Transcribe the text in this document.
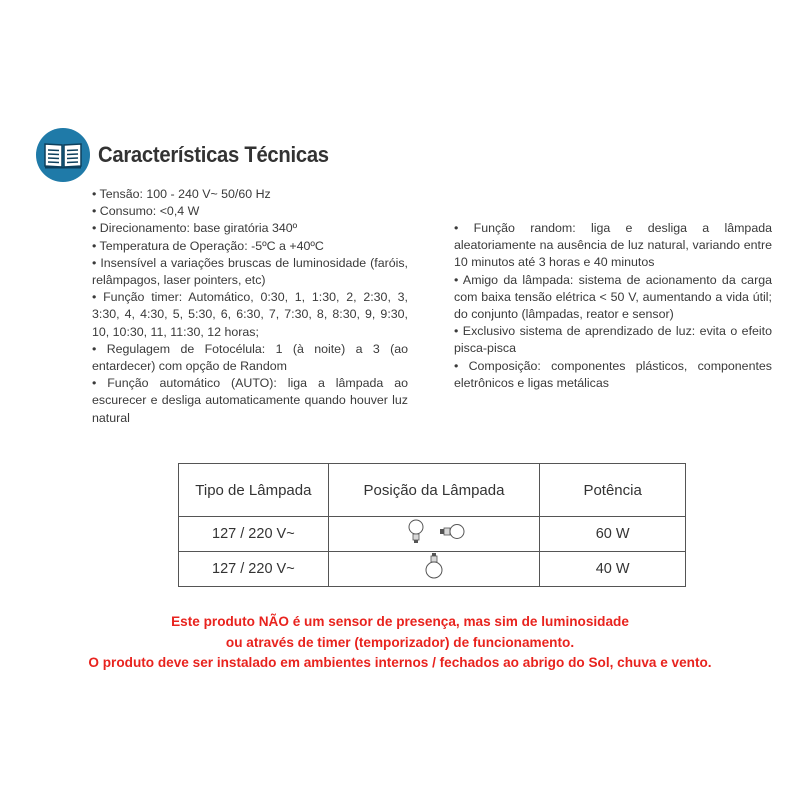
Características Técnicas

• Tensão: 100 - 240 V~ 50/60 Hz

• Consumo: <0,4 W

• Direcionamento: base giratória 340º

• Temperatura de Operação: -5ºC a +40ºC

• Insensível a variações bruscas de luminosidade (faróis, relâmpagos, laser pointers, etc)

• Função timer: Automático, 0:30, 1, 1:30, 2, 2:30, 3, 3:30, 4, 4:30, 5, 5:30, 6, 6:30, 7, 7:30, 8, 8:30, 9, 9:30, 10, 10:30, 11, 11:30, 12 horas;

• Regulagem de Fotocélula: 1 (à noite) a 3 (ao entardecer) com opção de Random

• Função automático (AUTO): liga a lâmpada ao escurecer e desliga automaticamente quando houver luz natural

• Função random: liga e desliga a lâmpada aleatoriamente na ausência de luz natural, variando entre 10 minutos até 3 horas e 40 minutos

• Amigo da lâmpada: sistema de acionamento da carga com baixa tensão elétrica < 50 V, aumentando a vida útil; do conjunto (lâmpadas, reator e sensor)

• Exclusivo sistema de aprendizado de luz: evita o efeito pisca-pisca

• Composição: componentes plásticos, componentes eletrônicos e ligas metálicas

Tipo de Lâmpada	Posição da Lâmpada	Potência
127 / 220 V~		60 W
127 / 220 V~		40 W

Este produto NÃO é um sensor de presença, mas sim de luminosidade

ou através de timer (temporizador) de funcionamento.

O produto deve ser instalado em ambientes internos / fechados ao abrigo do Sol, chuva e vento.
